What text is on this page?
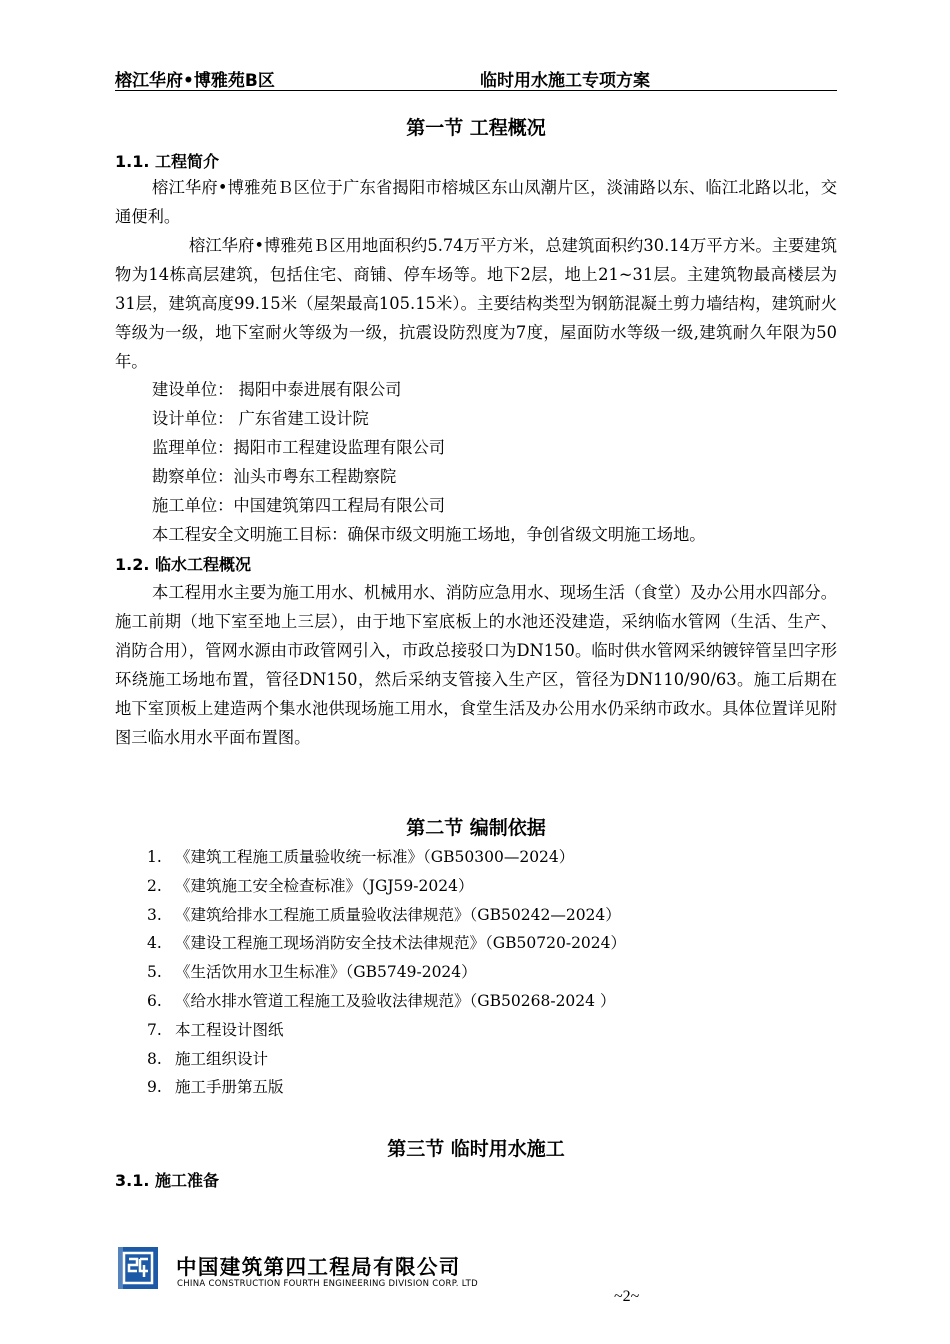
榕江华府•博雅苑B区	临时用水施工专项方案
第一节 工程概况
1.1. 工程简介

榕江华府•博雅苑Ｂ区位于广东省揭阳市榕城区东山凤潮片区，淡浦路以东、临江北路以北，交通便利。

榕江华府•博雅苑Ｂ区用地面积约5.74万平方米，总建筑面积约30.14万平方米。主要建筑物为14栋高层建筑，包括住宅、商铺、停车场等。地下2层，地上21~31层。主建筑物最高楼层为31层，建筑高度99.15米（屋架最高105.15米）。主要结构类型为钢筋混凝土剪力墙结构，建筑耐火等级为一级，地下室耐火等级为一级，抗震设防烈度为7度，屋面防水等级一级,建筑耐久年限为50年。

建设单位： 揭阳中泰进展有限公司
设计单位： 广东省建工设计院
监理单位：揭阳市工程建设监理有限公司
勘察单位：汕头市粤东工程勘察院
施工单位：中国建筑第四工程局有限公司
本工程安全文明施工目标：确保市级文明施工场地，争创省级文明施工场地。
1.2. 临水工程概况

本工程用水主要为施工用水、机械用水、消防应急用水、现场生活（食堂）及办公用水四部分。施工前期（地下室至地上三层），由于地下室底板上的水池还没建造，采纳临水管网（生活、生产、消防合用），管网水源由市政管网引入，市政总接驳口为DN150。临时供水管网采纳镀锌管呈凹字形环绕施工场地布置，管径DN150，然后采纳支管接入生产区，管径为DN110/90/63。施工后期在地下室顶板上建造两个集水池供现场施工用水，食堂生活及办公用水仍采纳市政水。具体位置详见附图三临水用水平面布置图。

第二节 编制依据
1. 《建筑工程施工质量验收统一标准》（GB50300—2024）
2. 《建筑施工安全检查标准》（JGJ59-2024）
3. 《建筑给排水工程施工质量验收法律规范》（GB50242—2024）
4. 《建设工程施工现场消防安全技术法律规范》（GB50720-2024）
5. 《生活饮用水卫生标准》（GB5749-2024）
6. 《给水排水管道工程施工及验收法律规范》（GB50268-2024 ）
7. 本工程设计图纸
8. 施工组织设计
9. 施工手册第五版
第三节 临时用水施工
3.1. 施工准备
中国建筑第四工程局有限公司
CHINA CONSTRUCTION FOURTH ENGINEERING DIVISION CORP. LTD
~2~
